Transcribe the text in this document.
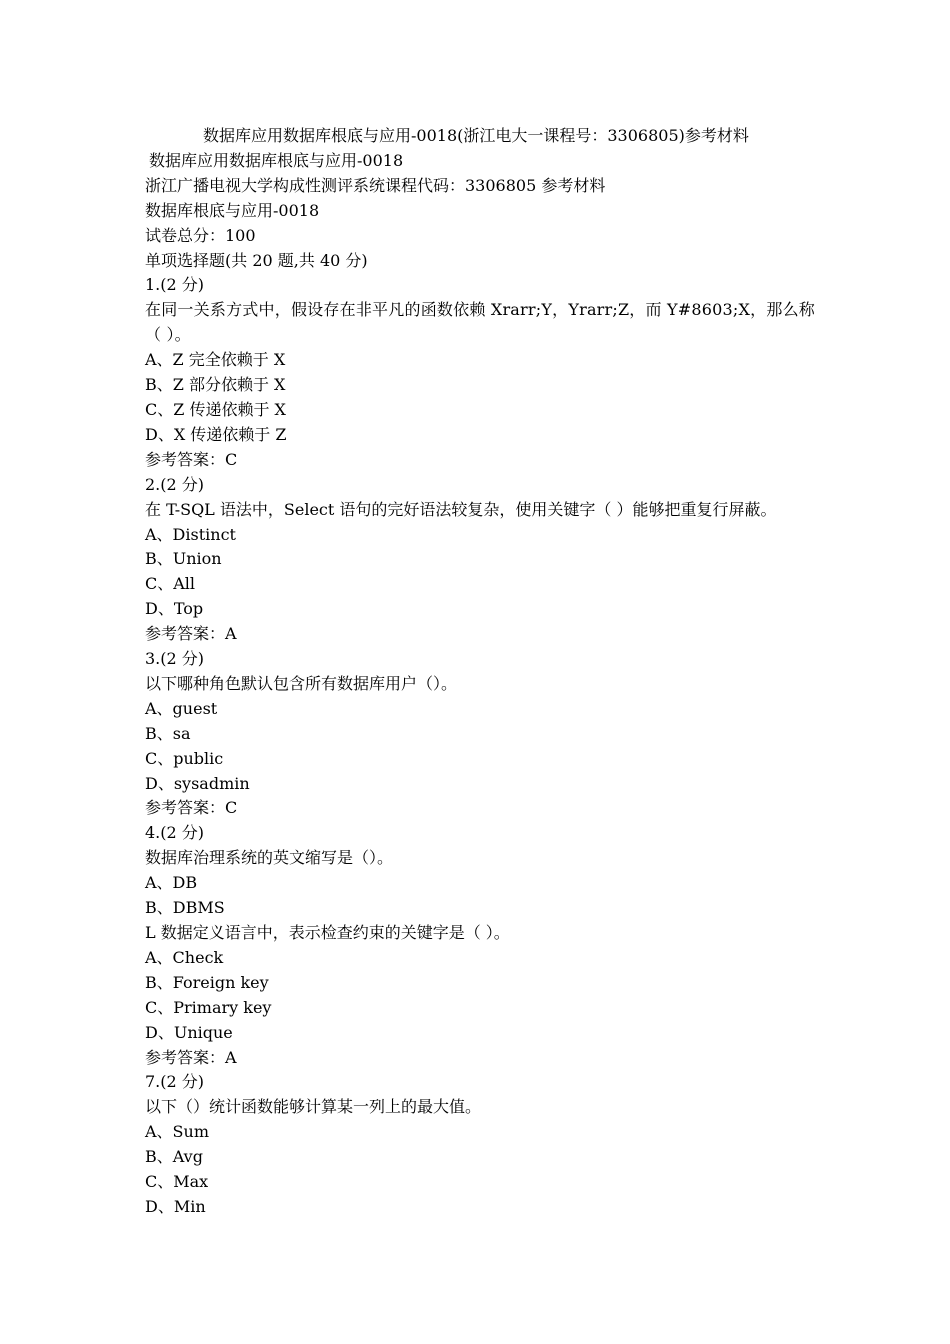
数据库应用数据库根底与应用-0018(浙江电大一课程号：3306805)参考材料

数据库应用数据库根底与应用-0018

浙江广播电视大学构成性测评系统课程代码：3306805 参考材料

数据库根底与应用-0018

试卷总分：100

单项选择题(共 20 题,共 40 分)

1.(2 分)

在同一关系方式中，假设存在非平凡的函数依赖 Xrarr;Y，Yrarr;Z，而 Y#8603;X，那么称（ ）。

A、Z 完全依赖于 X

B、Z 部分依赖于 X

C、Z 传递依赖于 X

D、X 传递依赖于 Z

参考答案：C

2.(2 分)

在 T-SQL 语法中，Select 语句的完好语法较复杂，使用关键字（ ）能够把重复行屏蔽。

A、Distinct

B、Union

C、All

D、Top

参考答案：A

3.(2 分)

以下哪种角色默认包含所有数据库用户（）。

A、guest

B、sa

C、public

D、sysadmin

参考答案：C

4.(2 分)

数据库治理系统的英文缩写是（）。

A、DB

B、DBMS

L 数据定义语言中，表示检查约束的关键字是（ ）。

A、Check

B、Foreign key

C、Primary key

D、Unique

参考答案：A

7.(2 分)

以下（）统计函数能够计算某一列上的最大值。

A、Sum

B、Avg

C、Max

D、Min
